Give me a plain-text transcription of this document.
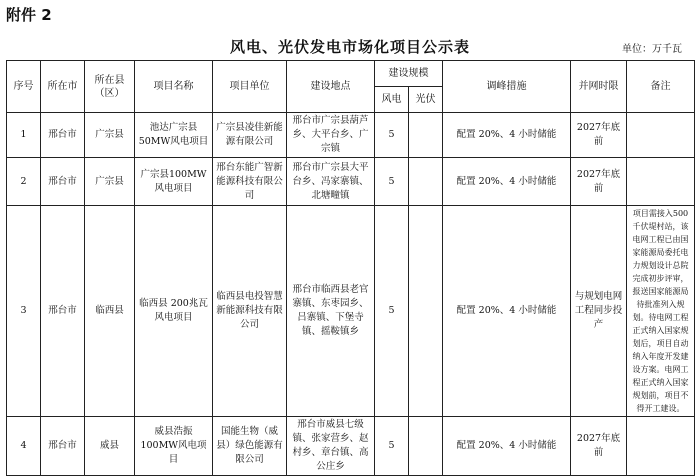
附件 2
风电、光伏发电市场化项目公示表	单位：万千瓦
序号	所在市	所在县（区）	项目名称	项目单位	建设地点	建设规模		调峰措施	并网时限	备注
						风电	光伏			
1	邢台市	广宗县	池达广宗县50MW风电项目	广宗县凌佳新能源有限公司	邢台市广宗县葫芦乡、大平台乡、广宗镇	5		配置 20%、4 小时储能	2027年底前	
2	邢台市	广宗县	广宗县100MW风电项目	邢台东能广智新能源科技有限公司	邢台市广宗县大平台乡、冯家寨镇、北塘疃镇	5		配置 20%、4 小时储能	2027年底前	
3	邢台市	临西县	临西县 200兆瓦风电项目	临西县电投智慧新能源科技有限公司	邢台市临西县老官寨镇、东枣园乡、吕寨镇、下堡寺镇、摇鞍镇乡	5		配置 20%、4 小时储能	与规划电网工程同步投产	项目需接入500千伏堤村站，该电网工程已由国家能源局委托电力规划设计总院完成初步评审，报送国家能源局待批准列入规划。待电网工程正式纳入国家规划后，项目自动纳入年度开发建设方案。电网工程正式纳入国家规划前，项目不得开工建设。
4	邢台市	威县	威县浩振100MW风电项目	国能生物（威县）绿色能源有限公司	邢台市威县七级镇、张家营乡、赵村乡、章台镇、高公庄乡	5		配置 20%、4 小时储能	2027年底前	
